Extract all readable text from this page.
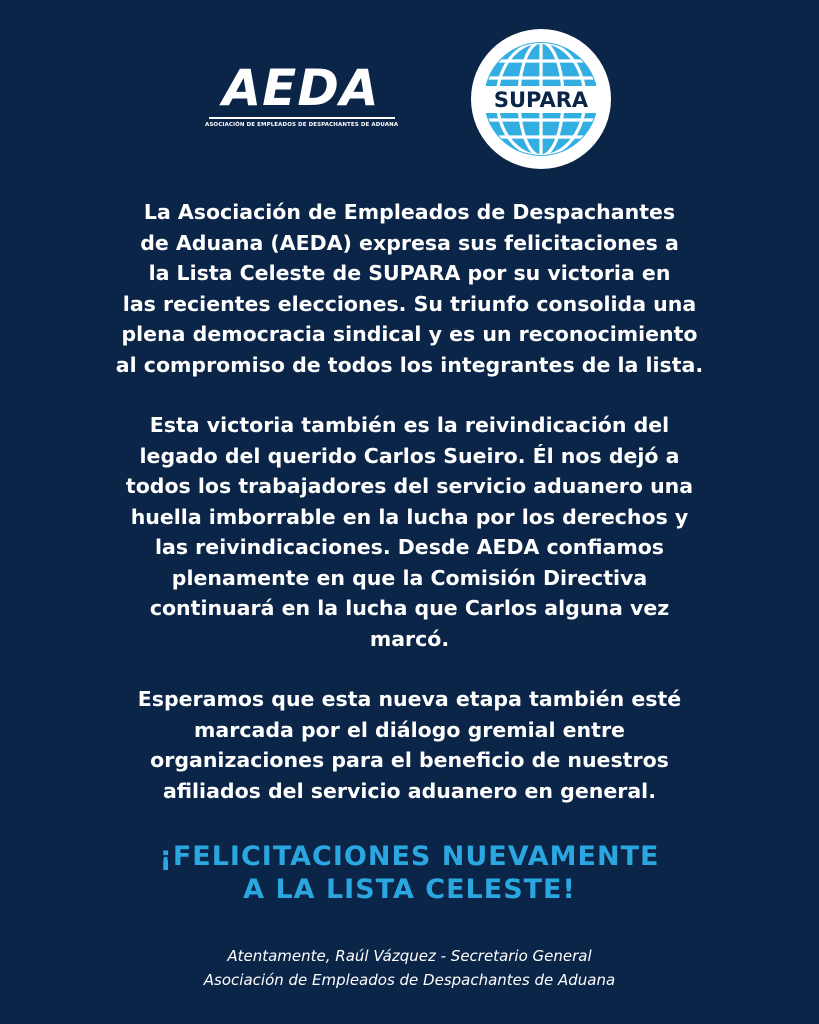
AEDA
ASOCIACIÓN DE EMPLEADOS DE DESPACHANTES DE ADUANA
SUPARA

La Asociación de Empleados de Despachantes
de Aduana (AEDA) expresa sus felicitaciones a
la Lista Celeste de SUPARA por su victoria en
las recientes elecciones. Su triunfo consolida una
plena democracia sindical y es un reconocimiento
al compromiso de todos los integrantes de la lista.

Esta victoria también es la reivindicación del
legado del querido Carlos Sueiro. Él nos dejó a
todos los trabajadores del servicio aduanero una
huella imborrable en la lucha por los derechos y
las reivindicaciones. Desde AEDA confiamos
plenamente en que la Comisión Directiva
continuará en la lucha que Carlos alguna vez
marcó.

Esperamos que esta nueva etapa también esté
marcada por el diálogo gremial entre
organizaciones para el beneficio de nuestros
afiliados del servicio aduanero en general.

¡FELICITACIONES NUEVAMENTE
A LA LISTA CELESTE!
Atentamente, Raúl Vázquez - Secretario General
Asociación de Empleados de Despachantes de Aduana
